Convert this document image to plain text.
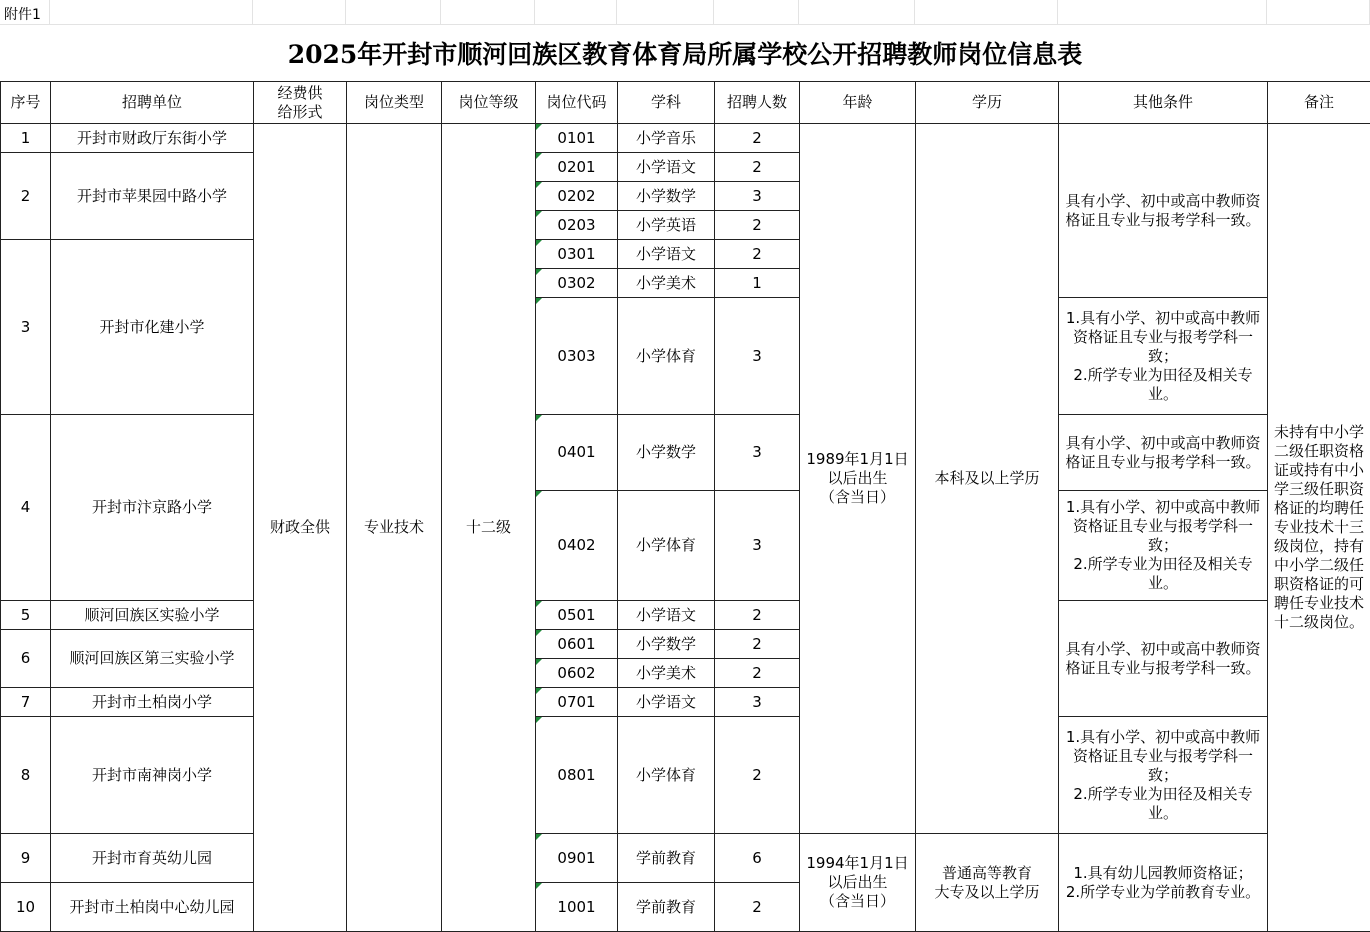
附件1
2025年开封市顺河回族区教育体育局所属学校公开招聘教师岗位信息表
序号	招聘单位	经费供
给形式	岗位类型	岗位等级	岗位代码	学科	招聘人数	年龄	学历	其他条件	备注
1	开封市财政厅东街小学	财政全供	专业技术	十二级	0101	小学音乐	2	1989年1月1日
以后出生
（含当日）	本科及以上学历	具有小学、初中或高中教师资格证且专业与报考学科一致。	未持有中小学二级任职资格证或持有中小学三级任职资格证的均聘任专业技术十三级岗位，持有中小学二级任职资格证的可聘任专业技术十二级岗位。
2	开封市苹果园中路小学				0201	小学语文	2				
					0202	小学数学	3				
					0203	小学英语	2				
3	开封市化建小学				0301	小学语文	2				
					0302	小学美术	1				
					0303	小学体育	3			1.具有小学、初中或高中教师资格证且专业与报考学科一致；
2.所学专业为田径及相关专业。	
4	开封市汴京路小学				0401	小学数学	3			具有小学、初中或高中教师资格证且专业与报考学科一致。	
					0402	小学体育	3			1.具有小学、初中或高中教师资格证且专业与报考学科一致；
2.所学专业为田径及相关专业。	
5	顺河回族区实验小学				0501	小学语文	2			具有小学、初中或高中教师资格证且专业与报考学科一致。	
6	顺河回族区第三实验小学				0601	小学数学	2				
					0602	小学美术	2				
7	开封市土柏岗小学				0701	小学语文	3				
8	开封市南神岗小学				0801	小学体育	2			1.具有小学、初中或高中教师资格证且专业与报考学科一致；
2.所学专业为田径及相关专业。	
9	开封市育英幼儿园				0901	学前教育	6	1994年1月1日
以后出生
（含当日）	普通高等教育
大专及以上学历	1.具有幼儿园教师资格证；
2.所学专业为学前教育专业。	
10	开封市土柏岗中心幼儿园				1001	学前教育	2				
